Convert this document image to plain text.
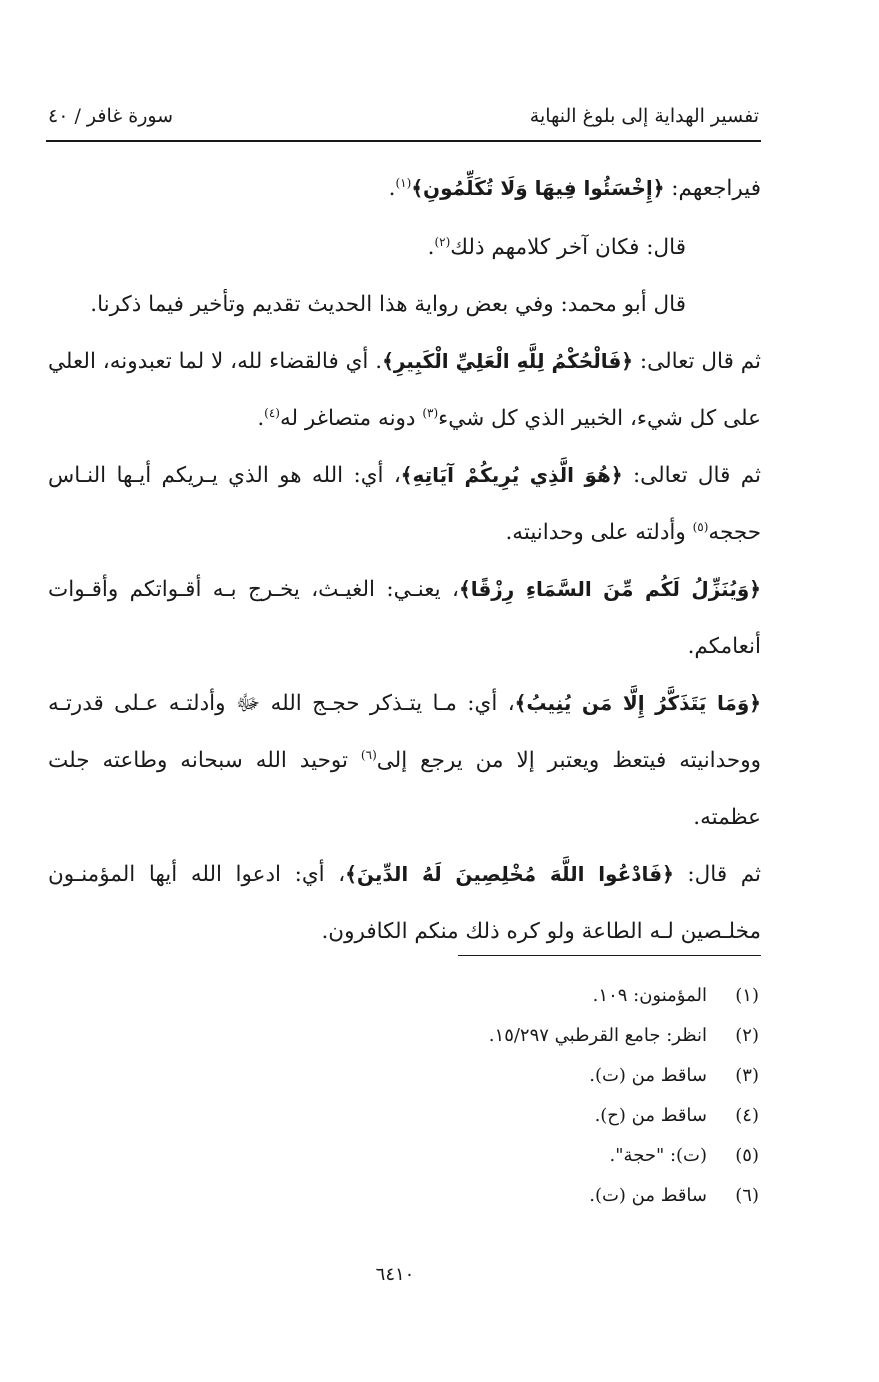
تفسير الهداية إلى بلوغ النهاية
سورة غافر / ٤٠

فيراجعهم: ﴿إِخْسَئُوا فِيهَا وَلَا تُكَلِّمُونِ﴾$^{(١)}$.

قال: فكان آخر كلامهم ذلك$^{(٢)}$.

قال أبو محمد: وفي بعض رواية هذا الحديث تقديم وتأخير فيما ذكرنا.

ثم قال تعالى: ﴿فَالْحُكْمُ لِلَّهِ الْعَلِيِّ الْكَبِيرِ﴾. أي فالقضاء لله، لا لما تعبدونه، العلي على كل شيء، الخبير الذي كل شيء$^{(٣)}$ دونه متصاغر له$^{(٤)}$.

ثم قال تعالى: ﴿هُوَ الَّذِي يُرِيكُمْ آيَاتِهِ﴾، أي: الله هو الذي يـريكم أيـها النـاس حججه$^{(٥)}$ وأدلته على وحدانيته.

﴿وَيُنَزِّلُ لَكُم مِّنَ السَّمَاءِ رِزْقًا﴾، يعنـي: الغيـث، يخـرج بـه أقـواتكم وأقـوات أنعامكم.

﴿وَمَا يَتَذَكَّرُ إِلَّا مَن يُنِيبُ﴾، أي: مـا يتـذكر حجـج الله ﷻ وأدلتـه عـلى قدرتـه ووحدانيته فيتعظ ويعتبر إلا من يرجع إلى$^{(٦)}$ توحيد الله سبحانه وطاعته جلت عظمته.

ثم قال: ﴿فَادْعُوا اللَّهَ مُخْلِصِينَ لَهُ الدِّينَ﴾، أي: ادعوا الله أيها المؤمنـون مخلـصين لـه الطاعة ولو كره ذلك منكم الكافرون.

(١)
المؤمنون: ١٠٩.
(٢)
انظر: جامع القرطبي ١٥/٢٩٧.
(٣)
ساقط من (ت).
(٤)
ساقط من (ح).
(٥)
(ت): "حجة".
(٦)
ساقط من (ت).
٦٤١٠
